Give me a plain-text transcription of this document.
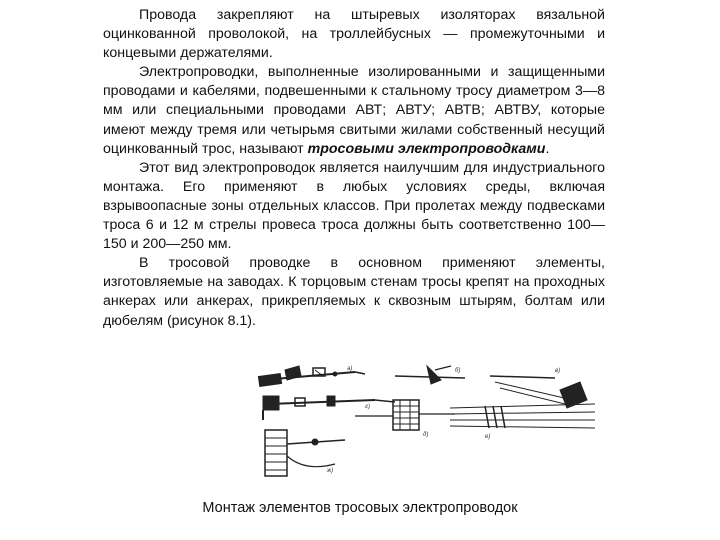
Провода закрепляют на штыревых изоляторах вязальной оцинкованной проволокой, на троллейбусных — промежуточными и концевыми держателями.

Электропроводки, выполненные изолированными и защищенными проводами и кабелями, подвешенными к стальному тросу диаметром 3—8 мм или специальными проводами АВТ; АВТУ; АВТВ; АВТВУ, которые имеют между тремя или четырьмя свитыми жилами собственный несущий оцинкованный трос, называют тросовыми электропроводками.

Этот вид электропроводок является наилучшим для индустриального монтажа. Его применяют в любых условиях среды, включая взрывоопасные зоны отдельных классов. При пролетах между подвесками троса 6 и 12 м стрелы провеса троса должны быть соответственно 100—150 и 200—250 мм.

В тросовой проводке в основном применяют элементы, изготовляемые на заводах. К торцовым стенам тросы крепят на проходных анкерах или анкерах, прикрепляемых к сквозным штырям, болтам или дюбелям (рисунок 8.1).

У
а)	б)	в)
г)
д)	е)
ж)
Монтаж элементов тросовых электропроводок
